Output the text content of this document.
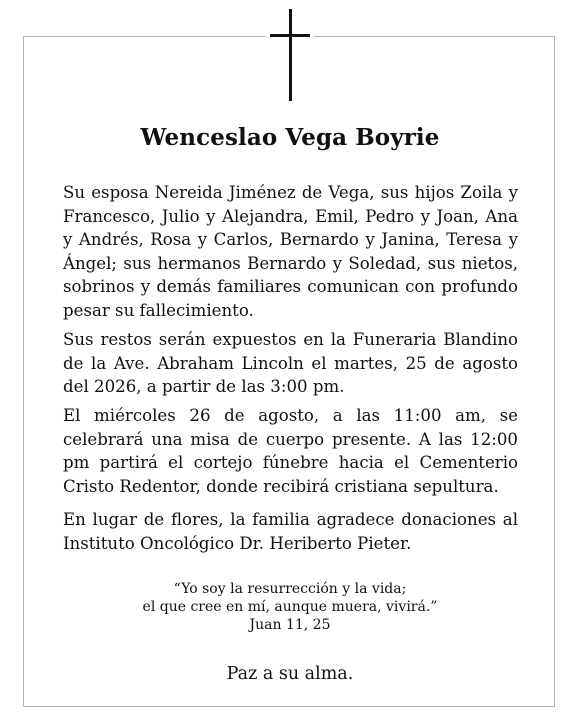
Wenceslao Vega Boyrie

Su esposa Nereida Jiménez de Vega, sus hijos Zoila y Francesco, Julio y Alejandra, Emil, Pedro y Joan, Ana y Andrés, Rosa y Carlos, Bernardo y Janina, Teresa y Ángel; sus hermanos Bernardo y Soledad, sus nietos, sobrinos y demás familiares comunican con profundo pesar su fallecimiento.

Sus restos serán expuestos en la Funeraria Blandino de la Ave. Abraham Lincoln el martes, 25 de agosto del 2026, a partir de las 3:00 pm.

El miércoles 26 de agosto, a las 11:00 am, se celebrará una misa de cuerpo presente. A las 12:00 pm partirá el cortejo fúnebre hacia el Cementerio Cristo Redentor, donde recibirá cristiana sepultura.

En lugar de flores, la familia agradece donaciones al Instituto Oncológico Dr. Heriberto Pieter.

“Yo soy la resurrección y la vida;
el que cree en mí, aunque muera, vivirá.”
Juan 11, 25
Paz a su alma.
